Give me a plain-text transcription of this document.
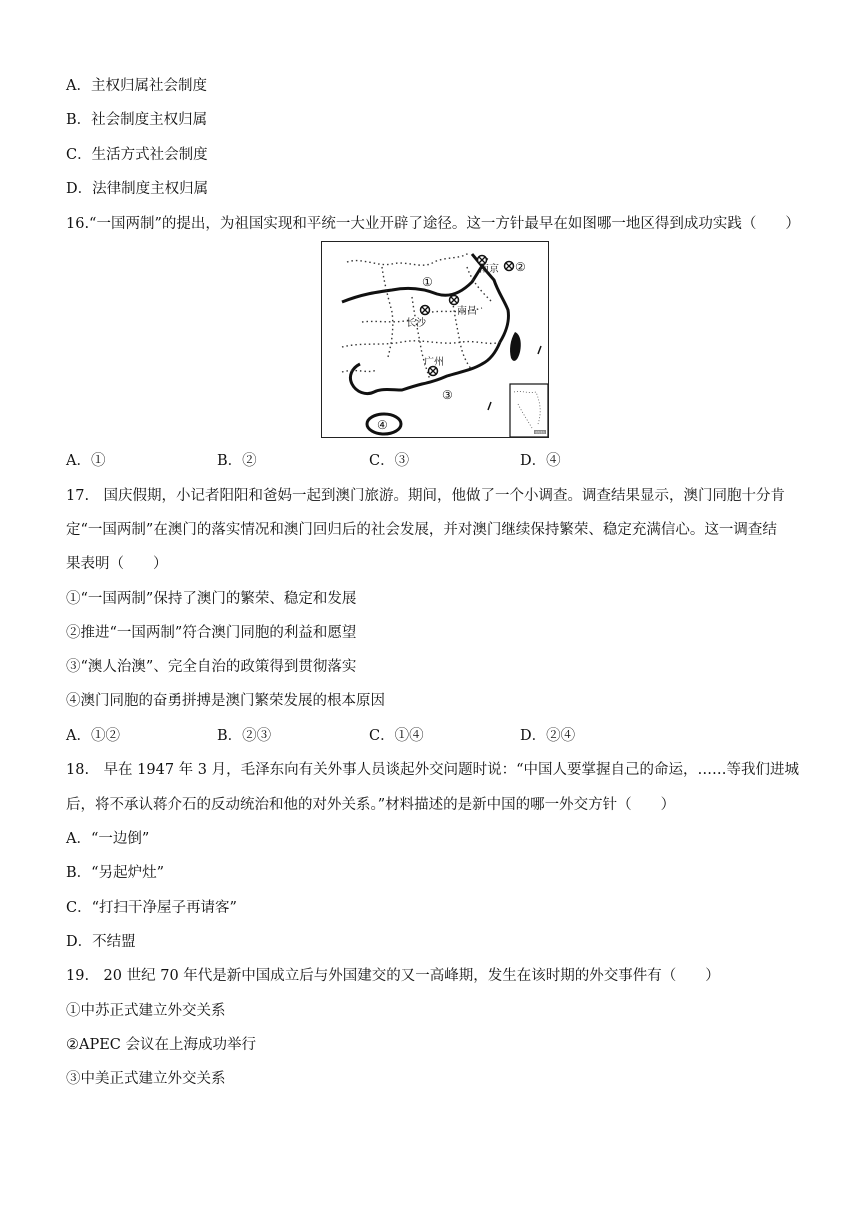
A．主权归属社会制度
B．社会制度主权归属
C．生活方式社会制度
D．法律制度主权归属
16.“一国两制”的提出，为祖国实现和平统一大业开辟了途径。这一方针最早在如图哪一地区得到成功实践（　　）
南海诸岛
南京
南昌
长沙
广州
①
②
③
④
A．①	B．②	C．③	D．④
17.　国庆假期，小记者阳阳和爸妈一起到澳门旅游。期间，他做了一个小调查。调查结果显示，澳门同胞十分肯
定“一国两制”在澳门的落实情况和澳门回归后的社会发展，并对澳门继续保持繁荣、稳定充满信心。这一调查结
果表明（　　）
①“一国两制”保持了澳门的繁荣、稳定和发展
②推进“一国两制”符合澳门同胞的利益和愿望
③“澳人治澳”、完全自治的政策得到贯彻落实
④澳门同胞的奋勇拼搏是澳门繁荣发展的根本原因
A．①②	B．②③	C．①④	D．②④
18.　早在 1947 年 3 月，毛泽东向有关外事人员谈起外交问题时说：“中国人要掌握自己的命运，……等我们进城
后，将不承认蒋介石的反动统治和他的对外关系。”材料描述的是新中国的哪一外交方针（　　）
A．“一边倒”
B．“另起炉灶”
C．“打扫干净屋子再请客”
D．不结盟
19.　20 世纪 70 年代是新中国成立后与外国建交的又一高峰期，发生在该时期的外交事件有（　　）
①中苏正式建立外交关系
②APEC 会议在上海成功举行
③中美正式建立外交关系
